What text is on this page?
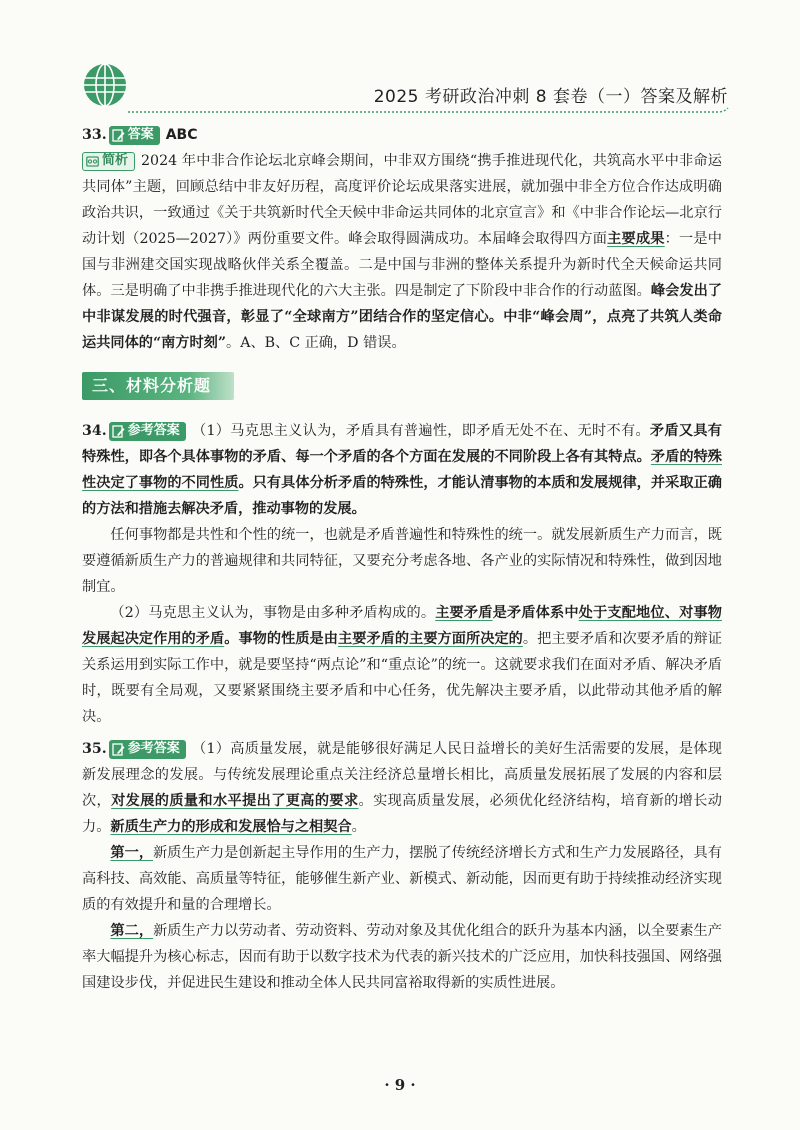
2025 考研政治冲刺 8 套卷（一）答案及解析
33. 答案 ABC

简析 2024 年中非合作论坛北京峰会期间，中非双方围绕“携手推进现代化，共筑高水平中非命运共同体”主题，回顾总结中非友好历程，高度评价论坛成果落实进展，就加强中非全方位合作达成明确政治共识，一致通过《关于共筑新时代全天候中非命运共同体的北京宣言》和《中非合作论坛—北京行动计划（2025—2027）》两份重要文件。峰会取得圆满成功。本届峰会取得四方面主要成果：一是中国与非洲建交国实现战略伙伴关系全覆盖。二是中国与非洲的整体关系提升为新时代全天候命运共同体。三是明确了中非携手推进现代化的六大主张。四是制定了下阶段中非合作的行动蓝图。峰会发出了中非谋发展的时代强音，彰显了“全球南方”团结合作的坚定信心。中非“峰会周”，点亮了共筑人类命运共同体的“南方时刻”。A、B、C 正确，D 错误。

三、材料分析题

34. 参考答案 （1）马克思主义认为，矛盾具有普遍性，即矛盾无处不在、无时不有。矛盾又具有特殊性，即各个具体事物的矛盾、每一个矛盾的各个方面在发展的不同阶段上各有其特点。矛盾的特殊性决定了事物的不同性质。只有具体分析矛盾的特殊性，才能认清事物的本质和发展规律，并采取正确的方法和措施去解决矛盾，推动事物的发展。

任何事物都是共性和个性的统一，也就是矛盾普遍性和特殊性的统一。就发展新质生产力而言，既要遵循新质生产力的普遍规律和共同特征，又要充分考虑各地、各产业的实际情况和特殊性，做到因地制宜。

（2）马克思主义认为，事物是由多种矛盾构成的。主要矛盾是矛盾体系中处于支配地位、对事物发展起决定作用的矛盾。事物的性质是由主要矛盾的主要方面所决定的。把主要矛盾和次要矛盾的辩证关系运用到实际工作中，就是要坚持“两点论”和“重点论”的统一。这就要求我们在面对矛盾、解决矛盾时，既要有全局观，又要紧紧围绕主要矛盾和中心任务，优先解决主要矛盾，以此带动其他矛盾的解决。

35. 参考答案 （1）高质量发展，就是能够很好满足人民日益增长的美好生活需要的发展，是体现新发展理念的发展。与传统发展理论重点关注经济总量增长相比，高质量发展拓展了发展的内容和层次，对发展的质量和水平提出了更高的要求。实现高质量发展，必须优化经济结构，培育新的增长动力。新质生产力的形成和发展恰与之相契合。

第一，新质生产力是创新起主导作用的生产力，摆脱了传统经济增长方式和生产力发展路径，具有高科技、高效能、高质量等特征，能够催生新产业、新模式、新动能，因而更有助于持续推动经济实现质的有效提升和量的合理增长。

第二，新质生产力以劳动者、劳动资料、劳动对象及其优化组合的跃升为基本内涵，以全要素生产率大幅提升为核心标志，因而有助于以数字技术为代表的新兴技术的广泛应用，加快科技强国、网络强国建设步伐，并促进民生建设和推动全体人民共同富裕取得新的实质性进展。

· 9 ·
